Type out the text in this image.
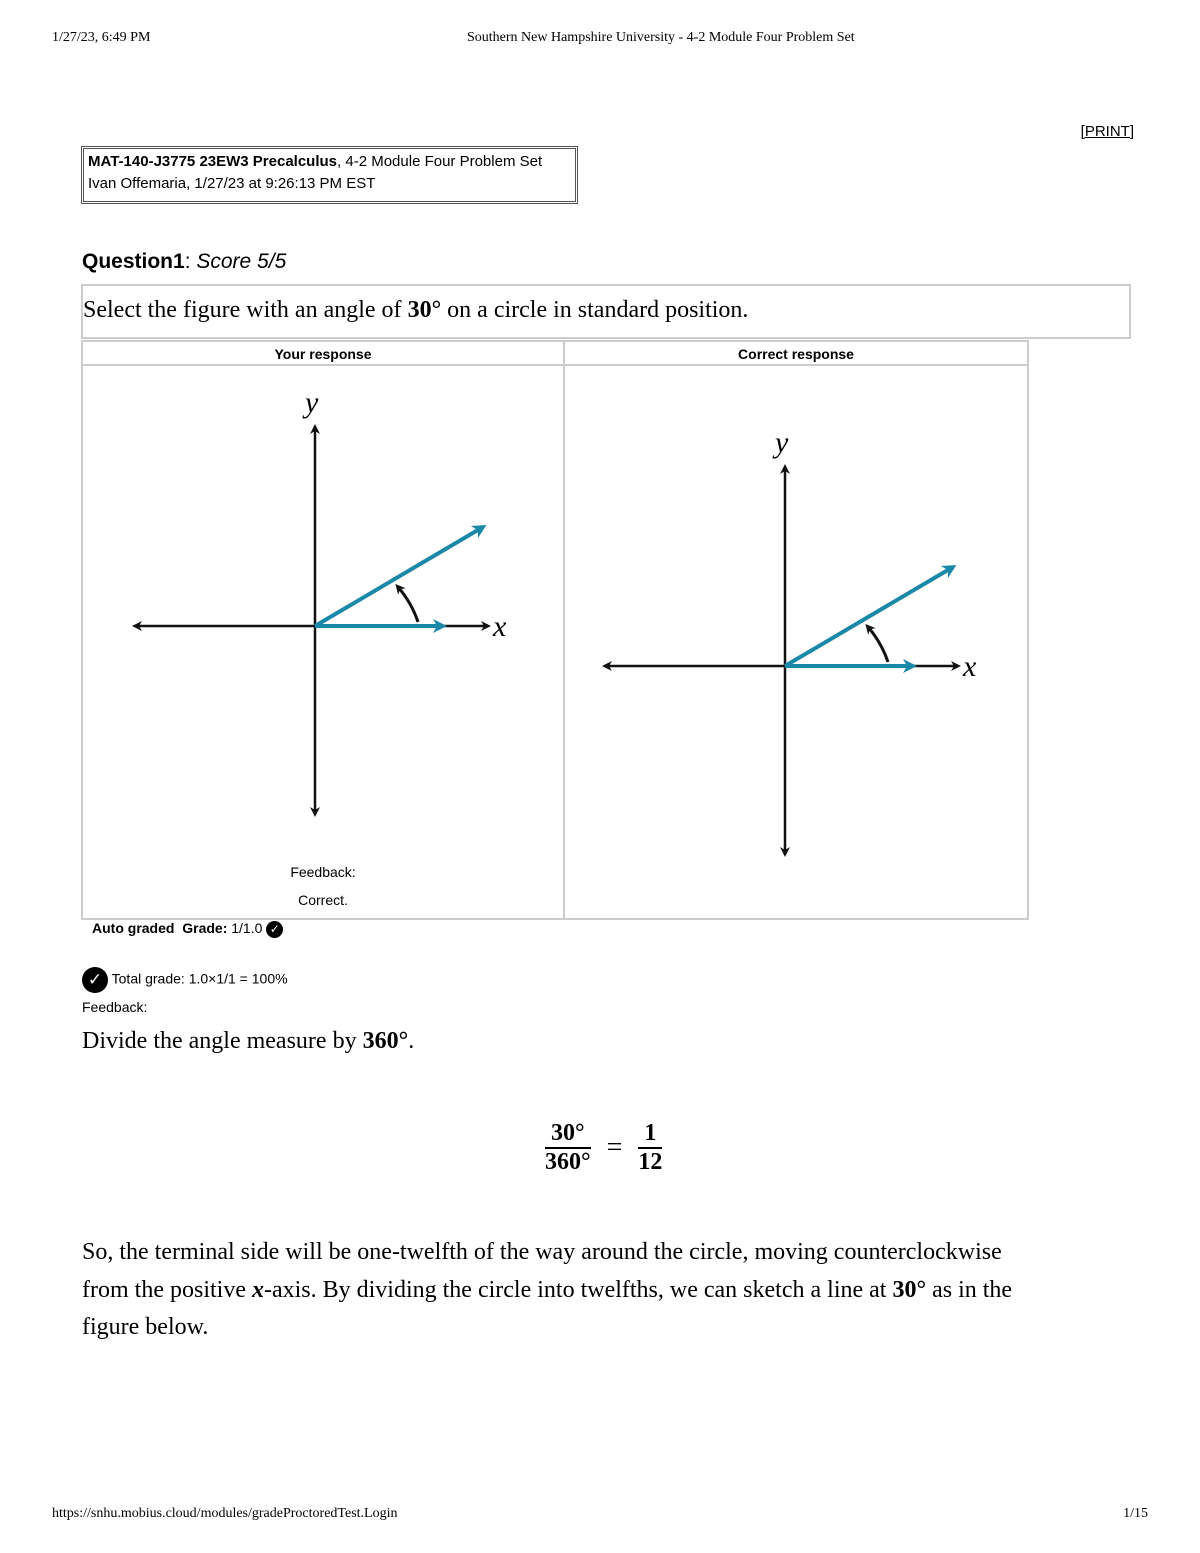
1/27/23, 6:49 PM	Southern New Hampshire University - 4-2 Module Four Problem Set
[PRINT]
MAT-140-J3775 23EW3 Precalculus, 4-2 Module Four Problem Set
Ivan Offemaria, 1/27/23 at 9:26:13 PM EST
Question1: Score 5/5
Select the figure with an angle of 30° on a circle in standard position.
Your response	Correct response
x
y
Feedback:
Correct.
x
y
Auto graded Grade: 1/1.0 ✓
✓ Total grade: 1.0×1/1 = 100%
Feedback:
Divide the angle measure by 360°.
$\frac{30^\circ}{360^\circ} = \frac{1}{12}$
So, the terminal side will be one-twelfth of the way around the circle, moving counterclockwise
from the positive x-axis. By dividing the circle into twelfths, we can sketch a line at 30° as in the
figure below.
https://snhu.mobius.cloud/modules/gradeProctoredTest.Login	1/15
